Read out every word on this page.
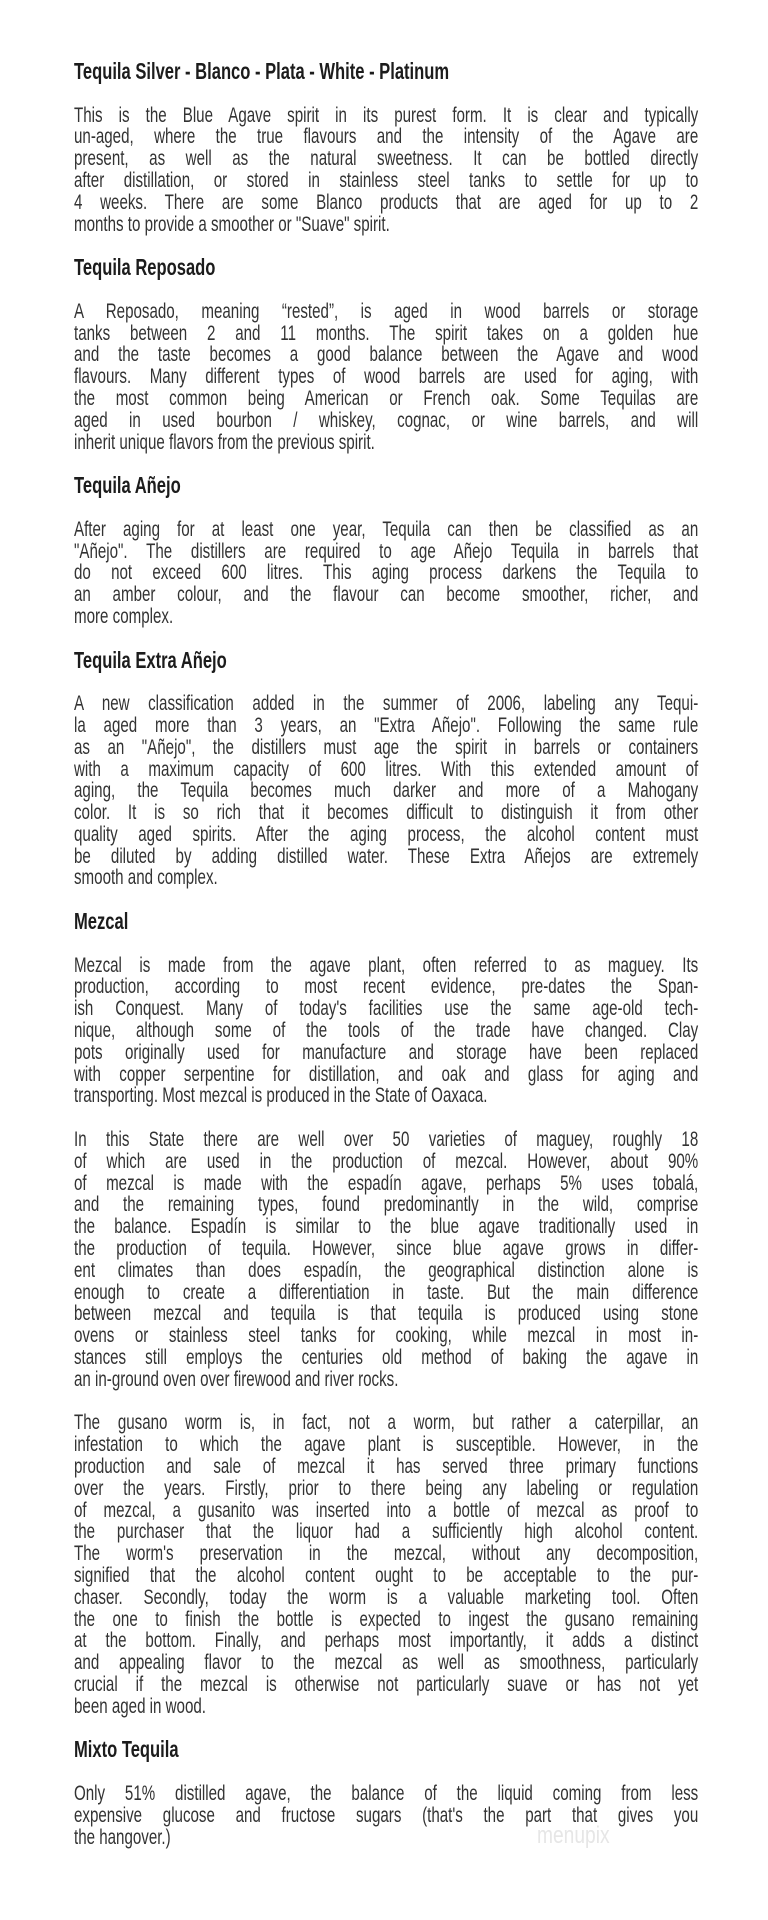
Tequila Silver - Blanco - Plata - White - Platinum
This is the Blue Agave spirit in its purest form. It is clear and typically
un-aged, where the true flavours and the intensity of the Agave are
present, as well as the natural sweetness. It can be bottled directly
after distillation, or stored in stainless steel tanks to settle for up to
4 weeks. There are some Blanco products that are aged for up to 2
months to provide a smoother or "Suave" spirit.
Tequila Reposado
A Reposado, meaning “rested”, is aged in wood barrels or storage
tanks between 2 and 11 months. The spirit takes on a golden hue
and the taste becomes a good balance between the Agave and wood
flavours. Many different types of wood barrels are used for aging, with
the most common being American or French oak. Some Tequilas are
aged in used bourbon / whiskey, cognac, or wine barrels, and will
inherit unique flavors from the previous spirit.
Tequila Añejo
After aging for at least one year, Tequila can then be classified as an
"Añejo". The distillers are required to age Añejo Tequila in barrels that
do not exceed 600 litres. This aging process darkens the Tequila to
an amber colour, and the flavour can become smoother, richer, and
more complex.
Tequila Extra Añejo
A new classification added in the summer of 2006, labeling any Tequi-
la aged more than 3 years, an "Extra Añejo". Following the same rule
as an "Añejo", the distillers must age the spirit in barrels or containers
with a maximum capacity of 600 litres. With this extended amount of
aging, the Tequila becomes much darker and more of a Mahogany
color. It is so rich that it becomes difficult to distinguish it from other
quality aged spirits. After the aging process, the alcohol content must
be diluted by adding distilled water. These Extra Añejos are extremely
smooth and complex.
Mezcal
Mezcal is made from the agave plant, often referred to as maguey. Its
production, according to most recent evidence, pre-dates the Span-
ish Conquest. Many of today's facilities use the same age-old tech-
nique, although some of the tools of the trade have changed. Clay
pots originally used for manufacture and storage have been replaced
with copper serpentine for distillation, and oak and glass for aging and
transporting. Most mezcal is produced in the State of Oaxaca.
In this State there are well over 50 varieties of maguey, roughly 18
of which are used in the production of mezcal. However, about 90%
of mezcal is made with the espadín agave, perhaps 5% uses tobalá,
and the remaining types, found predominantly in the wild, comprise
the balance. Espadín is similar to the blue agave traditionally used in
the production of tequila. However, since blue agave grows in differ-
ent climates than does espadín, the geographical distinction alone is
enough to create a differentiation in taste. But the main difference
between mezcal and tequila is that tequila is produced using stone
ovens or stainless steel tanks for cooking, while mezcal in most in-
stances still employs the centuries old method of baking the agave in
an in-ground oven over firewood and river rocks.
The gusano worm is, in fact, not a worm, but rather a caterpillar, an
infestation to which the agave plant is susceptible. However, in the
production and sale of mezcal it has served three primary functions
over the years. Firstly, prior to there being any labeling or regulation
of mezcal, a gusanito was inserted into a bottle of mezcal as proof to
the purchaser that the liquor had a sufficiently high alcohol content.
The worm's preservation in the mezcal, without any decomposition,
signified that the alcohol content ought to be acceptable to the pur-
chaser. Secondly, today the worm is a valuable marketing tool. Often
the one to finish the bottle is expected to ingest the gusano remaining
at the bottom. Finally, and perhaps most importantly, it adds a distinct
and appealing flavor to the mezcal as well as smoothness, particularly
crucial if the mezcal is otherwise not particularly suave or has not yet
been aged in wood.
Mixto Tequila
Only 51% distilled agave, the balance of the liquid coming from less
expensive glucose and fructose sugars (that's the part that gives you
the hangover.)	menupix
